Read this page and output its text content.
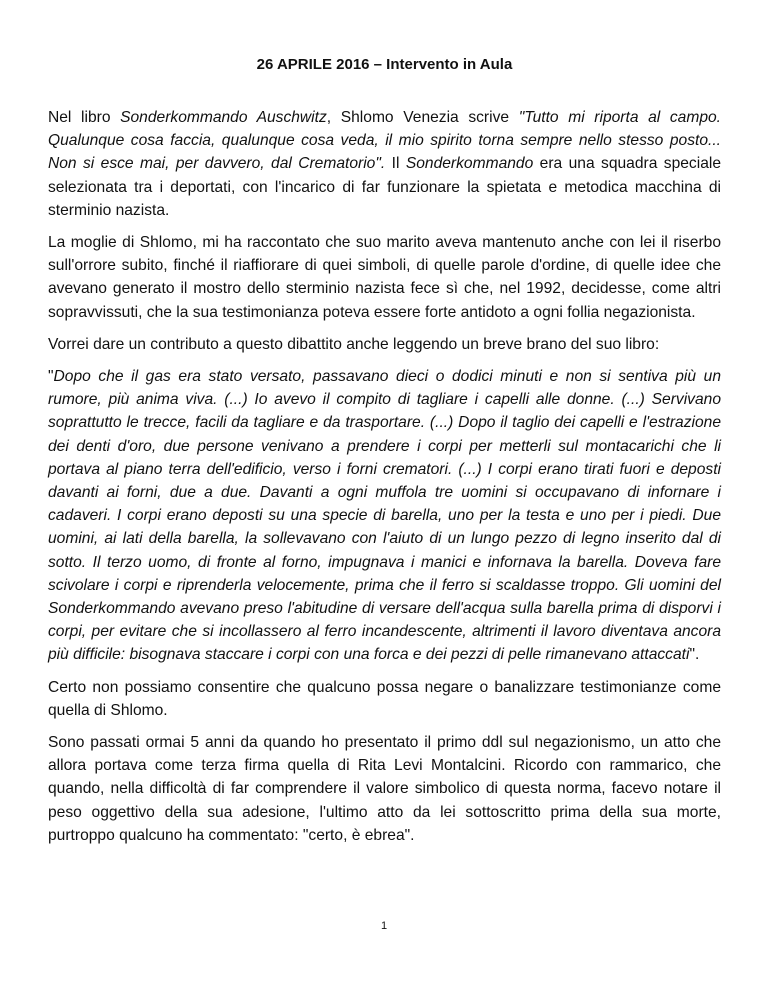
26 APRILE 2016 – Intervento in Aula

Nel libro Sonderkommando Auschwitz, Shlomo Venezia scrive "Tutto mi riporta al campo. Qualunque cosa faccia, qualunque cosa veda, il mio spirito torna sempre nello stesso posto... Non si esce mai, per davvero, dal Crematorio". Il Sonderkommando era una squadra speciale selezionata tra i deportati, con l'incarico di far funzionare la spietata e metodica macchina di sterminio nazista.

La moglie di Shlomo, mi ha raccontato che suo marito aveva mantenuto anche con lei il riserbo sull'orrore subito, finché il riaffiorare di quei simboli, di quelle parole d'ordine, di quelle idee che avevano generato il mostro dello sterminio nazista fece sì che, nel 1992, decidesse, come altri sopravvissuti, che la sua testimonianza poteva essere forte antidoto a ogni follia negazionista.

Vorrei dare un contributo a questo dibattito anche leggendo un breve brano del suo libro:

"Dopo che il gas era stato versato, passavano dieci o dodici minuti e non si sentiva più un rumore, più anima viva. (...) Io avevo il compito di tagliare i capelli alle donne. (...) Servivano soprattutto le trecce, facili da tagliare e da trasportare. (...) Dopo il taglio dei capelli e l'estrazione dei denti d'oro, due persone venivano a prendere i corpi per metterli sul montacarichi che li portava al piano terra dell'edificio, verso i forni crematori. (...) I corpi erano tirati fuori e deposti davanti ai forni, due a due. Davanti a ogni muffola tre uomini si occupavano di infornare i cadaveri. I corpi erano deposti su una specie di barella, uno per la testa e uno per i piedi. Due uomini, ai lati della barella, la sollevavano con l'aiuto di un lungo pezzo di legno inserito dal di sotto. Il terzo uomo, di fronte al forno, impugnava i manici e infornava la barella. Doveva fare scivolare i corpi e riprenderla velocemente, prima che il ferro si scaldasse troppo. Gli uomini del Sonderkommando avevano preso l'abitudine di versare dell'acqua sulla barella prima di disporvi i corpi, per evitare che si incollassero al ferro incandescente, altrimenti il lavoro diventava ancora più difficile: bisognava staccare i corpi con una forca e dei pezzi di pelle rimanevano attaccati".

Certo non possiamo consentire che qualcuno possa negare o banalizzare testimonianze come quella di Shlomo.

Sono passati ormai 5 anni da quando ho presentato il primo ddl sul negazionismo, un atto che allora portava come terza firma quella di Rita Levi Montalcini. Ricordo con rammarico, che quando, nella difficoltà di far comprendere il valore simbolico di questa norma, facevo notare il peso oggettivo della sua adesione, l'ultimo atto da lei sottoscritto prima della sua morte, purtroppo qualcuno ha commentato: "certo, è ebrea".

1
